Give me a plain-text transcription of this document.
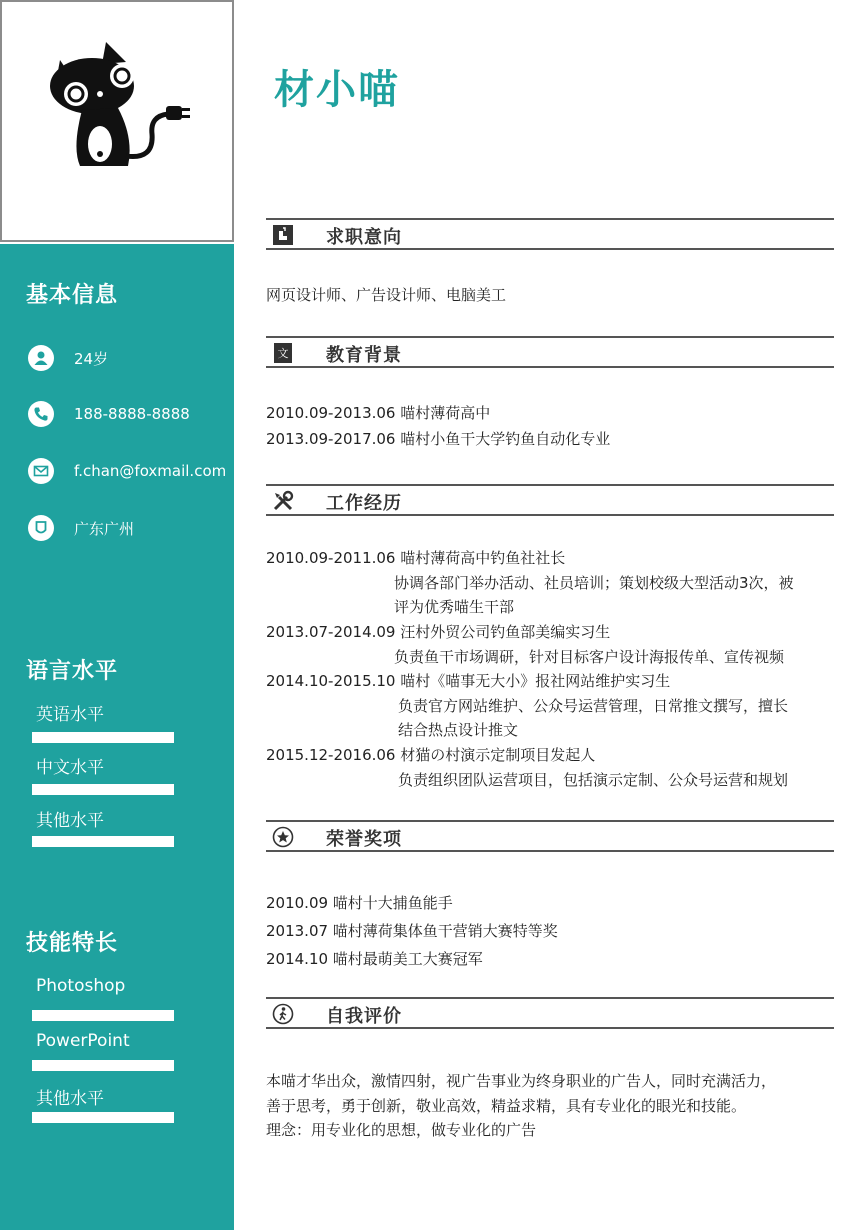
基本信息
24岁
188-8888-8888
f.chan@foxmail.com
广东广州
语言水平
英语水平
中文水平
其他水平
技能特长
Photoshop
PowerPoint
其他水平
材小喵
求职意向
网页设计师、广告设计师、电脑美工
文 教育背景
2010.09-2013.06 喵村薄荷高中
2013.09-2017.06 喵村小鱼干大学钓鱼自动化专业
工作经历
2010.09-2011.06 喵村薄荷高中钓鱼社社长
协调各部门举办活动、社员培训；策划校级大型活动3次，被
评为优秀喵生干部
2013.07-2014.09 汪村外贸公司钓鱼部美编实习生
负责鱼干市场调研，针对目标客户设计海报传单、宣传视频
2014.10-2015.10 喵村《喵事无大小》报社网站维护实习生
负责官方网站维护、公众号运营管理，日常推文撰写，擅长
结合热点设计推文
2015.12-2016.06 材猫の村演示定制项目发起人
负责组织团队运营项目，包括演示定制、公众号运营和规划
荣誉奖项
2010.09 喵村十大捕鱼能手
2013.07 喵村薄荷集体鱼干营销大赛特等奖
2014.10 喵村最萌美工大赛冠军
自我评价
本喵才华出众，激情四射，视广告事业为终身职业的广告人，同时充满活力，
善于思考，勇于创新，敬业高效，精益求精，具有专业化的眼光和技能。
理念：用专业化的思想，做专业化的广告
